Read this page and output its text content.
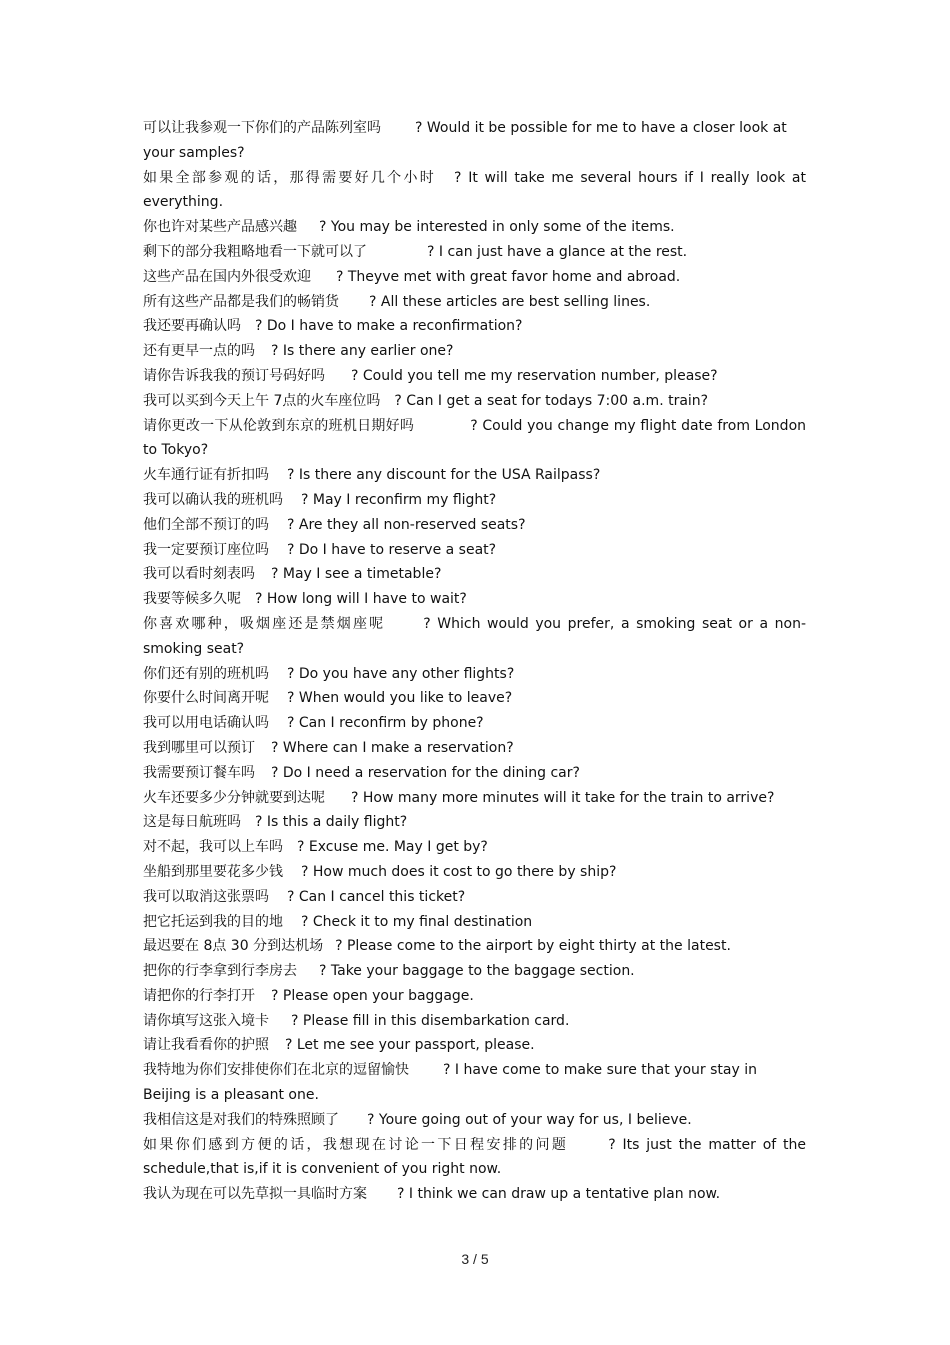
可以让我参观一下你们的产品陈列室吗 ? Would it be possible for me to have a closer look at your samples?

如果全部参观的话，那得需要好几个小时 ? It will take me several hours if I really look at everything.

你也许对某些产品感兴趣 ? You may be interested in only some of the items.

剩下的部分我粗略地看一下就可以了	? I can just have a glance at the rest.

这些产品在国内外很受欢迎 ? Theyve met with great favor home and abroad.

所有这些产品都是我们的畅销货 ? All these articles are best selling lines.

我还要再确认吗 ? Do I have to make a reconfirmation?

还有更早一点的吗 ? Is there any earlier one?

请你告诉我我的预订号码好吗 ? Could you tell me my reservation number, please?

我可以买到今天上午 7点的火车座位吗 ? Can I get a seat for todays 7:00 a.m. train?

请你更改一下从伦敦到东京的班机日期好吗	? Could you change my flight date from London to Tokyo?

火车通行证有折扣吗 ? Is there any discount for the USA Railpass?

我可以确认我的班机吗 ? May I reconfirm my flight?

他们全部不预订的吗 ? Are they all non-reserved seats?

我一定要预订座位吗 ? Do I have to reserve a seat?

我可以看时刻表吗 ? May I see a timetable?

我要等候多久呢 ? How long will I have to wait?

你喜欢哪种，吸烟座还是禁烟座呢	? Which would you prefer, a smoking seat or a non-smoking seat?

你们还有别的班机吗 ? Do you have any other flights?

你要什么时间离开呢 ? When would you like to leave?

我可以用电话确认吗 ? Can I reconfirm by phone?

我到哪里可以预订 ? Where can I make a reservation?

我需要预订餐车吗 ? Do I need a reservation for the dining car?

火车还要多少分钟就要到达呢 ? How many more minutes will it take for the train to arrive?

这是每日航班吗 ? Is this a daily flight?

对不起，我可以上车吗 ? Excuse me. May I get by?

坐船到那里要花多少钱 ? How much does it cost to go there by ship?

我可以取消这张票吗 ? Can I cancel this ticket?

把它托运到我的目的地 ? Check it to my final destination

最迟要在 8点 30 分到达机场 ? Please come to the airport by eight thirty at the latest.

把你的行李拿到行李房去 ? Take your baggage to the baggage section.

请把你的行李打开 ? Please open your baggage.

请你填写这张入境卡 ? Please fill in this disembarkation card.

请让我看看你的护照 ? Let me see your passport, please.

我特地为你们安排使你们在北京的逗留愉快 ? I have come to make sure that your stay in Beijing is a pleasant one.

我相信这是对我们的特殊照顾了 ? Youre going out of your way for us, I believe.

如果你们感到方便的话，我想现在讨论一下日程安排的问题	? Its just the matter of the schedule,that is,if it is convenient of you right now.

我认为现在可以先草拟一具临时方案 ? I think we can draw up a tentative plan now.

3 / 5
